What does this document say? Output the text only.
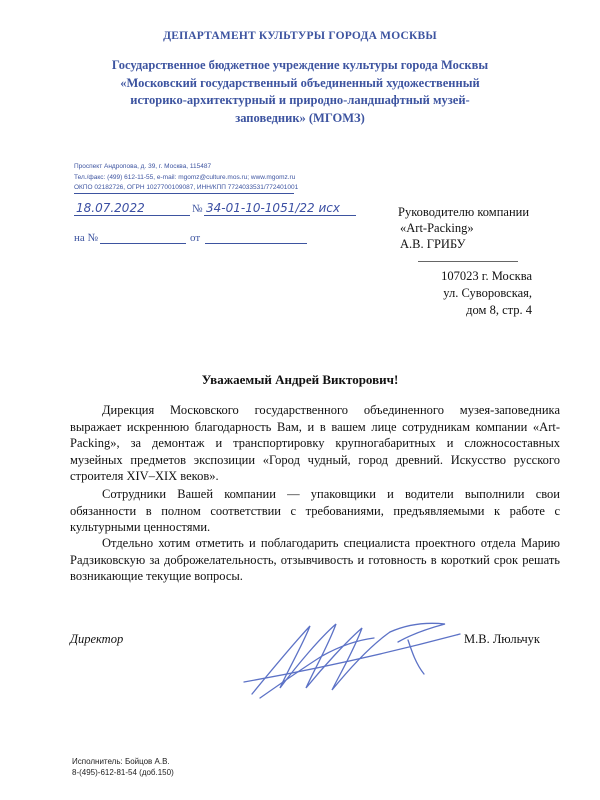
ДЕПАРТАМЕНТ КУЛЬТУРЫ ГОРОДА МОСКВЫ
Государственное бюджетное учреждение культуры города Москвы «Московский государственный объединенный художественный историко-архитектурный и природно-ландшафтный музей-заповедник» (МГОМЗ)
Проспект Андропова, д. 39, г. Москва, 115487
Тел./факс: (499) 612-11-55, e-mail: mgomz@culture.mos.ru; www.mgomz.ru
ОКПО 02182726, ОГРН 1027700109087, ИНН/КПП 7724033531/772401001
18.07.2022	№ 34-01-10-1051/22 исх
на №	от
Руководителю компании
«Art-Packing»
А.В. ГРИБУ
107023 г. Москва
ул. Суворовская,
дом 8, стр. 4
Уважаемый Андрей Викторович!
Дирекция Московского государственного объединенного музея-заповедника выражает искреннюю благодарность Вам, и в вашем лице сотрудникам компании «Art-Packing», за демонтаж и транспортировку крупногабаритных и сложносоставных музейных предметов экспозиции «Город чудный, город древний. Искусство русского строителя XIV–XIX веков».
Сотрудники Вашей компании — упаковщики и водители выполнили свои обязанности в полном соответствии с требованиями, предъявляемыми к работе с культурными ценностями.
Отдельно хотим отметить и поблагодарить специалиста проектного отдела Марию Радзиковскую за доброжелательность, отзывчивость и готовность в короткий срок решать возникающие текущие вопросы.
Директор	М.В. Люльчук
Исполнитель: Бойцов А.В.
8-(495)-612-81-54 (доб.150)
